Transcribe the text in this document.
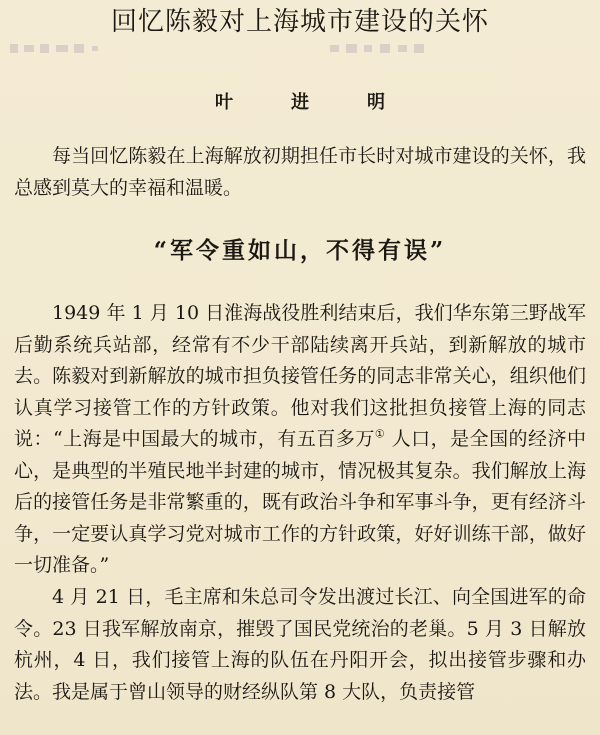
回忆陈毅对上海城市建设的关怀

叶　进　明

每当回忆陈毅在上海解放初期担任市长时对城市建设的关怀，我总感到莫大的幸福和温暖。

“军令重如山，不得有误”

1949 年 1 月 10 日淮海战役胜利结束后，我们华东第三野战军后勤系统兵站部，经常有不少干部陆续离开兵站，到新解放的城市去。陈毅对到新解放的城市担负接管任务的同志非常关心，组织他们认真学习接管工作的方针政策。他对我们这批担负接管上海的同志说：“上海是中国最大的城市，有五百多万① 人口，是全国的经济中心，是典型的半殖民地半封建的城市，情况极其复杂。我们解放上海后的接管任务是非常繁重的，既有政治斗争和军事斗争，更有经济斗争，一定要认真学习党对城市工作的方针政策，好好训练干部，做好一切准备。”

4 月 21 日，毛主席和朱总司令发出渡过长江、向全国进军的命令。23 日我军解放南京，摧毁了国民党统治的老巢。5 月 3 日解放杭州，4 日，我们接管上海的队伍在丹阳开会，拟出接管步骤和办法。我是属于曾山领导的财经纵队第 8 大队，负责接管
